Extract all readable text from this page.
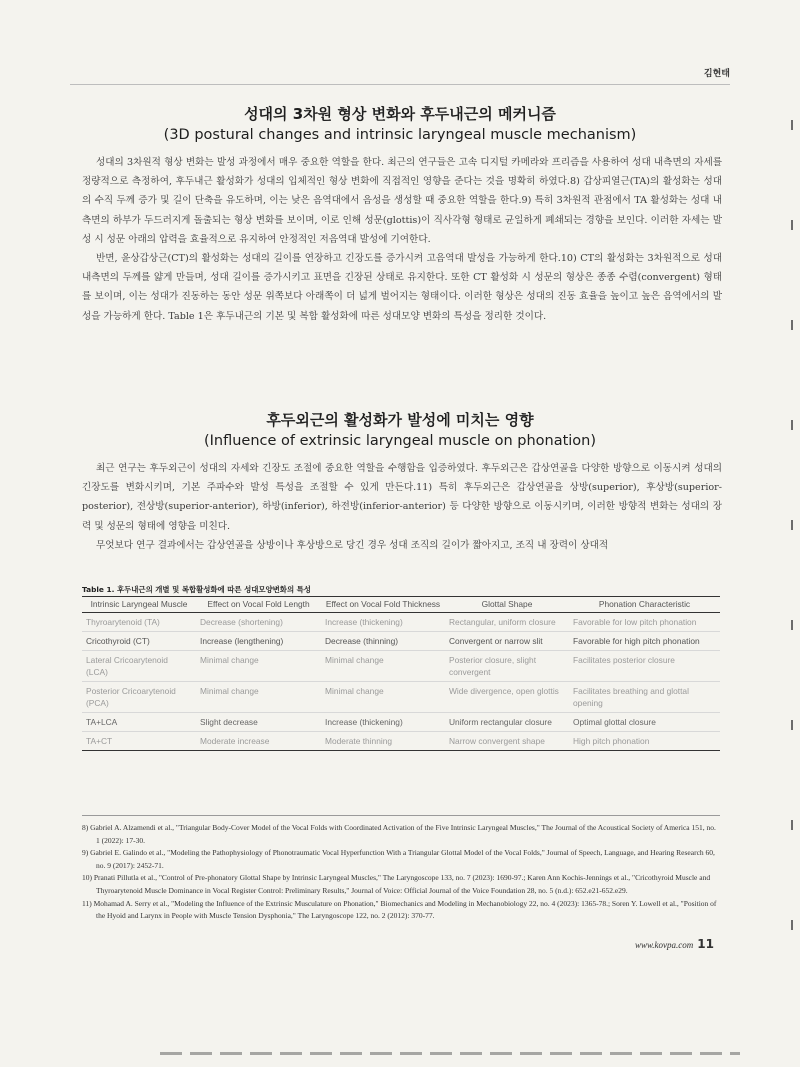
김현태
성대의 3차원 형상 변화와 후두내근의 메커니즘
(3D postural changes and intrinsic laryngeal muscle mechanism)

성대의 3차원적 형상 변화는 발성 과정에서 매우 중요한 역할을 한다. 최근의 연구들은 고속 디지털 카메라와 프리즘을 사용하여 성대 내측면의 자세를 정량적으로 측정하여, 후두내근 활성화가 성대의 입체적인 형상 변화에 직접적인 영향을 준다는 것을 명확히 하였다.8) 갑상피열근(TA)의 활성화는 성대의 수직 두께 증가 및 길이 단축을 유도하며, 이는 낮은 음역대에서 음성을 생성할 때 중요한 역할을 한다.9) 특히 3차원적 관점에서 TA 활성화는 성대 내측면의 하부가 두드러지게 돌출되는 형상 변화를 보이며, 이로 인해 성문(glottis)이 직사각형 형태로 균일하게 폐쇄되는 경향을 보인다. 이러한 자세는 발성 시 성문 아래의 압력을 효율적으로 유지하여 안정적인 저음역대 발성에 기여한다.

반면, 윤상갑상근(CT)의 활성화는 성대의 길이를 연장하고 긴장도를 증가시켜 고음역대 발성을 가능하게 한다.10) CT의 활성화는 3차원적으로 성대 내측면의 두께를 얇게 만들며, 성대 길이를 증가시키고 표면을 긴장된 상태로 유지한다. 또한 CT 활성화 시 성문의 형상은 종종 수렴(convergent) 형태를 보이며, 이는 성대가 진동하는 동안 성문 위쪽보다 아래쪽이 더 넓게 벌어지는 형태이다. 이러한 형상은 성대의 진동 효율을 높이고 높은 음역에서의 발성을 가능하게 한다. Table 1은 후두내근의 기본 및 복합 활성화에 따른 성대모양 변화의 특성을 정리한 것이다.

후두외근의 활성화가 발성에 미치는 영향
(Influence of extrinsic laryngeal muscle on phonation)

최근 연구는 후두외근이 성대의 자세와 긴장도 조절에 중요한 역할을 수행함을 입증하였다. 후두외근은 갑상연골을 다양한 방향으로 이동시켜 성대의 긴장도를 변화시키며, 기본 주파수와 발성 특성을 조절할 수 있게 만든다.11) 특히 후두외근은 갑상연골을 상방(superior), 후상방(superior-posterior), 전상방(superior-anterior), 하방(inferior), 하전방(inferior-anterior) 등 다양한 방향으로 이동시키며, 이러한 방향적 변화는 성대의 장력 및 성문의 형태에 영향을 미친다.

무엇보다 연구 결과에서는 갑상연골을 상방이나 후상방으로 당긴 경우 성대 조직의 길이가 짧아지고, 조직 내 장력이 상대적

Table 1. 후두내근의 개별 및 복합활성화에 따른 성대모양변화의 특성
Intrinsic Laryngeal Muscle	Effect on Vocal Fold Length	Effect on Vocal Fold Thickness	Glottal Shape	Phonation Characteristic
Thyroarytenoid (TA)	Decrease (shortening)	Increase (thickening)	Rectangular, uniform closure	Favorable for low pitch phonation
Cricothyroid (CT)	Increase (lengthening)	Decrease (thinning)	Convergent or narrow slit	Favorable for high pitch phonation
Lateral Cricoarytenoid (LCA)	Minimal change	Minimal change	Posterior closure, slight convergent	Facilitates posterior closure
Posterior Cricoarytenoid (PCA)	Minimal change	Minimal change	Wide divergence, open glottis	Facilitates breathing and glottal opening
TA+LCA	Slight decrease	Increase (thickening)	Uniform rectangular closure	Optimal glottal closure
TA+CT	Moderate increase	Moderate thinning	Narrow convergent shape	High pitch phonation

8) Gabriel A. Alzamendi et al., "Triangular Body-Cover Model of the Vocal Folds with Coordinated Activation of the Five Intrinsic Laryngeal Muscles," The Journal of the Acoustical Society of America 151, no. 1 (2022): 17-30.

9) Gabriel E. Galindo et al., "Modeling the Pathophysiology of Phonotraumatic Vocal Hyperfunction With a Triangular Glottal Model of the Vocal Folds," Journal of Speech, Language, and Hearing Research 60, no. 9 (2017): 2452-71.

10) Pranati Pillutla et al., "Control of Pre-phonatory Glottal Shape by Intrinsic Laryngeal Muscles," The Laryngoscope 133, no. 7 (2023): 1690-97.; Karen Ann Kochis-Jennings et al., "Cricothyroid Muscle and Thyroarytenoid Muscle Dominance in Vocal Register Control: Preliminary Results," Journal of Voice: Official Journal of the Voice Foundation 28, no. 5 (n.d.): 652.e21-652.e29.

11) Mohamad A. Serry et al., "Modeling the Influence of the Extrinsic Musculature on Phonation," Biomechanics and Modeling in Mechanobiology 22, no. 4 (2023): 1365-78.; Soren Y. Lowell et al., "Position of the Hyoid and Larynx in People with Muscle Tension Dysphonia," The Laryngoscope 122, no. 2 (2012): 370-77.

www.kovpa.com 11
